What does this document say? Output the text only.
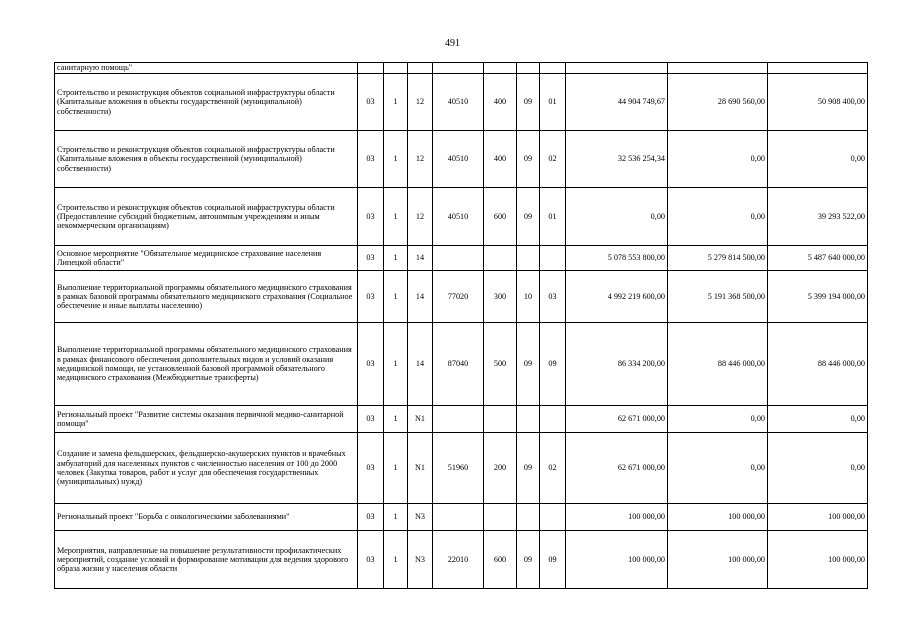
491
санитарную помощь"										
Строительство и реконструкция объектов социальной инфраструктуры области (Капитальные вложения в объекты государственной (муниципальной) собственности)	03	1	12	40510	400	09	01	44 904 749,67	28 690 560,00	50 908 400,00
Строительство и реконструкция объектов социальной инфраструктуры области (Капитальные вложения в объекты государственной (муниципальной) собственности)	03	1	12	40510	400	09	02	32 536 254,34	0,00	0,00
Строительство и реконструкция объектов социальной инфраструктуры области (Предоставление субсидий бюджетным, автономным учреждениям и иным некоммерческим организациям)	03	1	12	40510	600	09	01	0,00	0,00	39 293 522,00
Основное мероприятие "Обязательное медицинское страхование населения Липецкой области"	03	1	14					5 078 553 800,00	5 279 814 500,00	5 487 640 000,00
Выполнение территориальной программы обязательного медицинского страхования в рамках базовой программы обязательного медицинского страхования (Социальное обеспечение и иные выплаты населению)	03	1	14	77020	300	10	03	4 992 219 600,00	5 191 368 500,00	5 399 194 000,00
Выполнение территориальной программы обязательного медицинского страхования в рамках финансового обеспечения дополнительных видов и условий оказания медицинской помощи, не установленной базовой программой обязательного медицинского страхования (Межбюджетные трансферты)	03	1	14	87040	500	09	09	86 334 200,00	88 446 000,00	88 446 000,00
Региональный проект "Развитие системы оказания первичной медико-санитарной помощи"	03	1	N1					62 671 000,00	0,00	0,00
Создание и замена фельдшерских, фельдшерско-акушерских пунктов и врачебных амбулаторий для населенных пунктов с численностью населения от 100 до 2000 человек (Закупка товаров, работ и услуг для обеспечения государственных (муниципальных) нужд)	03	1	N1	51960	200	09	02	62 671 000,00	0,00	0,00
Региональный проект "Борьба с онкологическими заболеваниями"	03	1	N3					100 000,00	100 000,00	100 000,00
Мероприятия, направленные на повышение результативности профилактических мероприятий, создание условий и формирование мотивации для ведения здорового образа жизни у населения области	03	1	N3	22010	600	09	09	100 000,00	100 000,00	100 000,00
